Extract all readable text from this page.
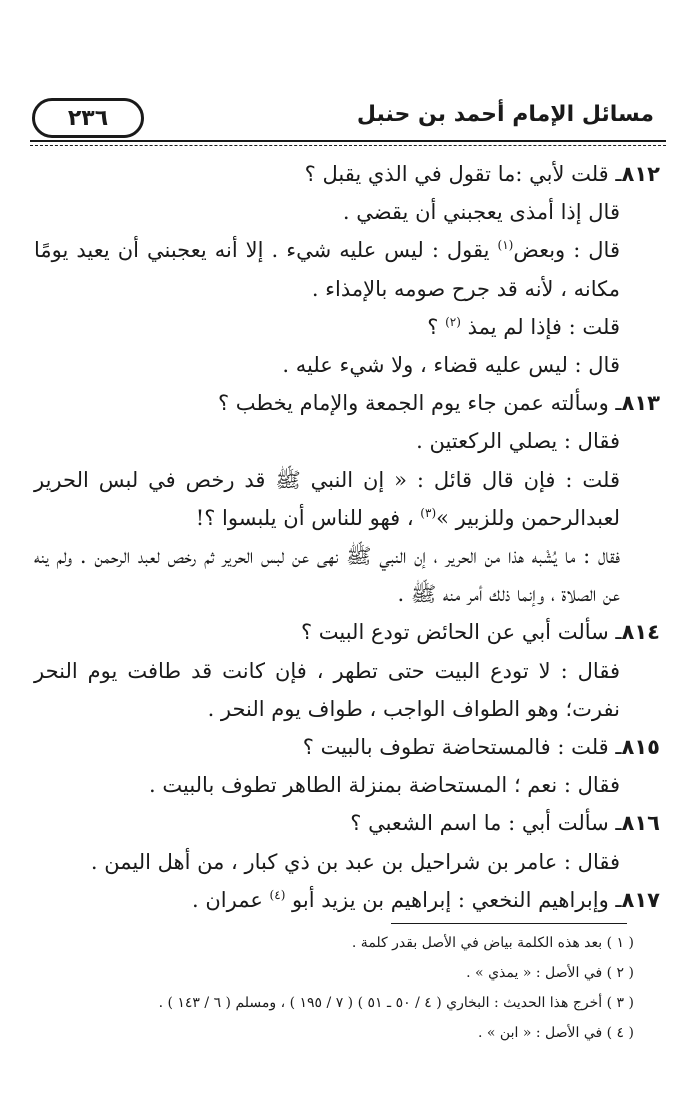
٢٣٦	مسائل الإمام أحمد بن حنبل

٨١٢ـ قلت لأبي :ما تقول في الذي يقبل ؟

قال إذا أمذى يعجبني أن يقضي .

قال : وبعض$^{(١)}$ يقول : ليس عليه شيء . إلا أنه يعجبني أن يعيد يومًا مكانه ، لأنه قد جرح صومه بالإمذاء .

قلت : فإذا لم يمذ $^{(٢)}$ ؟

قال : ليس عليه قضاء ، ولا شيء عليه .

٨١٣ـ وسألته عمن جاء يوم الجمعة والإمام يخطب ؟

فقال : يصلي الركعتين .

قلت : فإن قال قائل : « إن النبي ﷺ قد رخص في لبس الحرير لعبدالرحمن وللزبير »$^{(٣)}$ ، فهو للناس أن يلبسوا ؟!

فقال : ما يُشْبه هذا من الحرير ، إن النبي ﷺ نهى عن لبس الحرير ثم رخص لعبد الرحمن . ولم ينه عن الصلاة ، وإنما ذلك أمر منه ﷺ .

٨١٤ـ سألت أبي عن الحائض تودع البيت ؟

فقال : لا تودع البيت حتى تطهر ، فإن كانت قد طافت يوم النحر نفرت؛ وهو الطواف الواجب ، طواف يوم النحر .

٨١٥ـ قلت : فالمستحاضة تطوف بالبيت ؟

فقال : نعم ؛ المستحاضة بمنزلة الطاهر تطوف بالبيت .

٨١٦ـ سألت أبي : ما اسم الشعبي ؟

فقال : عامر بن شراحيل بن عبد بن ذي كبار ، من أهل اليمن .

٨١٧ـ وإبراهيم النخعي : إبراهيم بن يزيد أبو $^{(٤)}$ عمران .

( ١ ) بعد هذه الكلمة بياض في الأصل بقدر كلمة .

( ٢ ) في الأصل : « يمذي » .

( ٣ ) أخرج هذا الحديث : البخاري ( ٤ / ٥٠ ـ ٥١ ) ( ٧ / ١٩٥ ) ، ومسلم ( ٦ / ١٤٣ ) .

( ٤ ) في الأصل : « ابن » .
